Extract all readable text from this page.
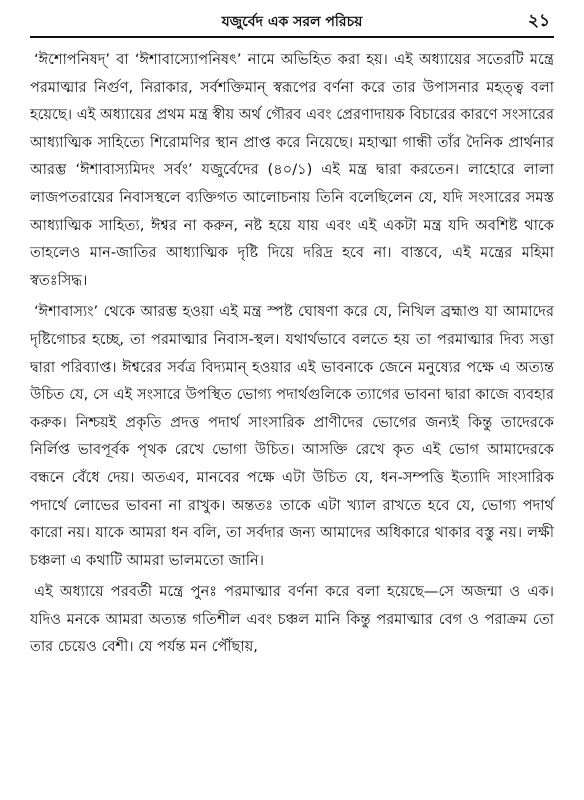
যজুর্বেদ এক সরল পরিচয়	২১

‘ঈশোপনিষদ্’ বা ‘ঈশাবাস্যোপনিষৎ’ নামে অভিহিত করা হয়। এই অধ্যায়ের সতেরটি মন্ত্রে পরমাত্মার নির্গুণ, নিরাকার, সর্বশক্তিমান্ স্বরূপের বর্ণনা করে তার উপাসনার মহত্ত্ব বলা হয়েছে। এই অধ্যায়ের প্রথম মন্ত্র স্বীয় অর্থ গৌরব এবং প্রেরণাদায়ক বিচারের কারণে সংসারের আধ্যাত্মিক সাহিত্যে শিরোমণির স্থান প্রাপ্ত করে নিয়েছে। মহাত্মা গান্ধী তাঁর দৈনিক প্রার্থনার আরম্ভ ‘ঈশাবাস্যমিদং সর্বং’ যজুর্বেদের (৪০/১) এই মন্ত্র দ্বারা করতেন। লাহোরে লালা লাজপতরায়ের নিবাসস্থলে ব্যক্তিগত আলোচনায় তিনি বলেছিলেন যে, যদি সংসারের সমস্ত আধ্যাত্মিক সাহিত্য, ঈশ্বর না করুন, নষ্ট হয়ে যায় এবং এই একটা মন্ত্র যদি অবশিষ্ট থাকে তাহলেও মান-জাতির আধ্যাত্মিক দৃষ্টি দিয়ে দরিদ্র হবে না। বাস্তবে, এই মন্ত্রের মহিমা স্বতঃসিদ্ধ।

‘ঈশাবাস্যং’ থেকে আরম্ভ হওয়া এই মন্ত্র স্পষ্ট ঘোষণা করে যে, নিখিল ব্রহ্মাণ্ড যা আমাদের দৃষ্টিগোচর হচ্ছে, তা পরমাত্মার নিবাস-স্থল। যথার্থভাবে বলতে হয় তা পরমাত্মার দিব্য সত্তা দ্বারা পরিব্যাপ্ত। ঈশ্বরের সর্বত্র বিদ্যমান্ হওয়ার এই ভাবনাকে জেনে মনুষ্যের পক্ষে এ অত্যন্ত উচিত যে, সে এই সংসারে উপস্থিত ভোগ্য পদার্থগুলিকে ত্যাগের ভাবনা দ্বারা কাজে ব্যবহার করুক। নিশ্চয়ই প্রকৃতি প্রদত্ত পদার্থ সাংসারিক প্রাণীদের ভোগের জন্যই কিন্তু তাদেরকে নির্লিপ্ত ভাবপূর্বক পৃথক রেখে ভোগা উচিত। আসক্তি রেখে কৃত এই ভোগ আমাদেরকে বন্ধনে বেঁধে দেয়। অতএব, মানবের পক্ষে এটা উচিত যে, ধন-সম্পত্তি ইত্যাদি সাংসারিক পদার্থে লোভের ভাবনা না রাখুক। অন্ততঃ তাকে এটা খ্যাল রাখতে হবে যে, ভোগ্য পদার্থ কারো নয়। যাকে আমরা ধন বলি, তা সর্বদার জন্য আমাদের অধিকারে থাকার বস্তু নয়। লক্ষী চঞ্চলা এ কথাটি আমরা ভালমতো জানি।

এই অধ্যায়ে পরবর্তী মন্ত্রে পুনঃ পরমাত্মার বর্ণনা করে বলা হয়েছে—সে অজন্মা ও এক। যদিও মনকে আমরা অত্যন্ত গতিশীল এবং চঞ্চল মানি কিন্তু পরমাত্মার বেগ ও পরাক্রম তো তার চেয়েও বেশী। যে পর্যন্ত মন পৌঁছায়,
